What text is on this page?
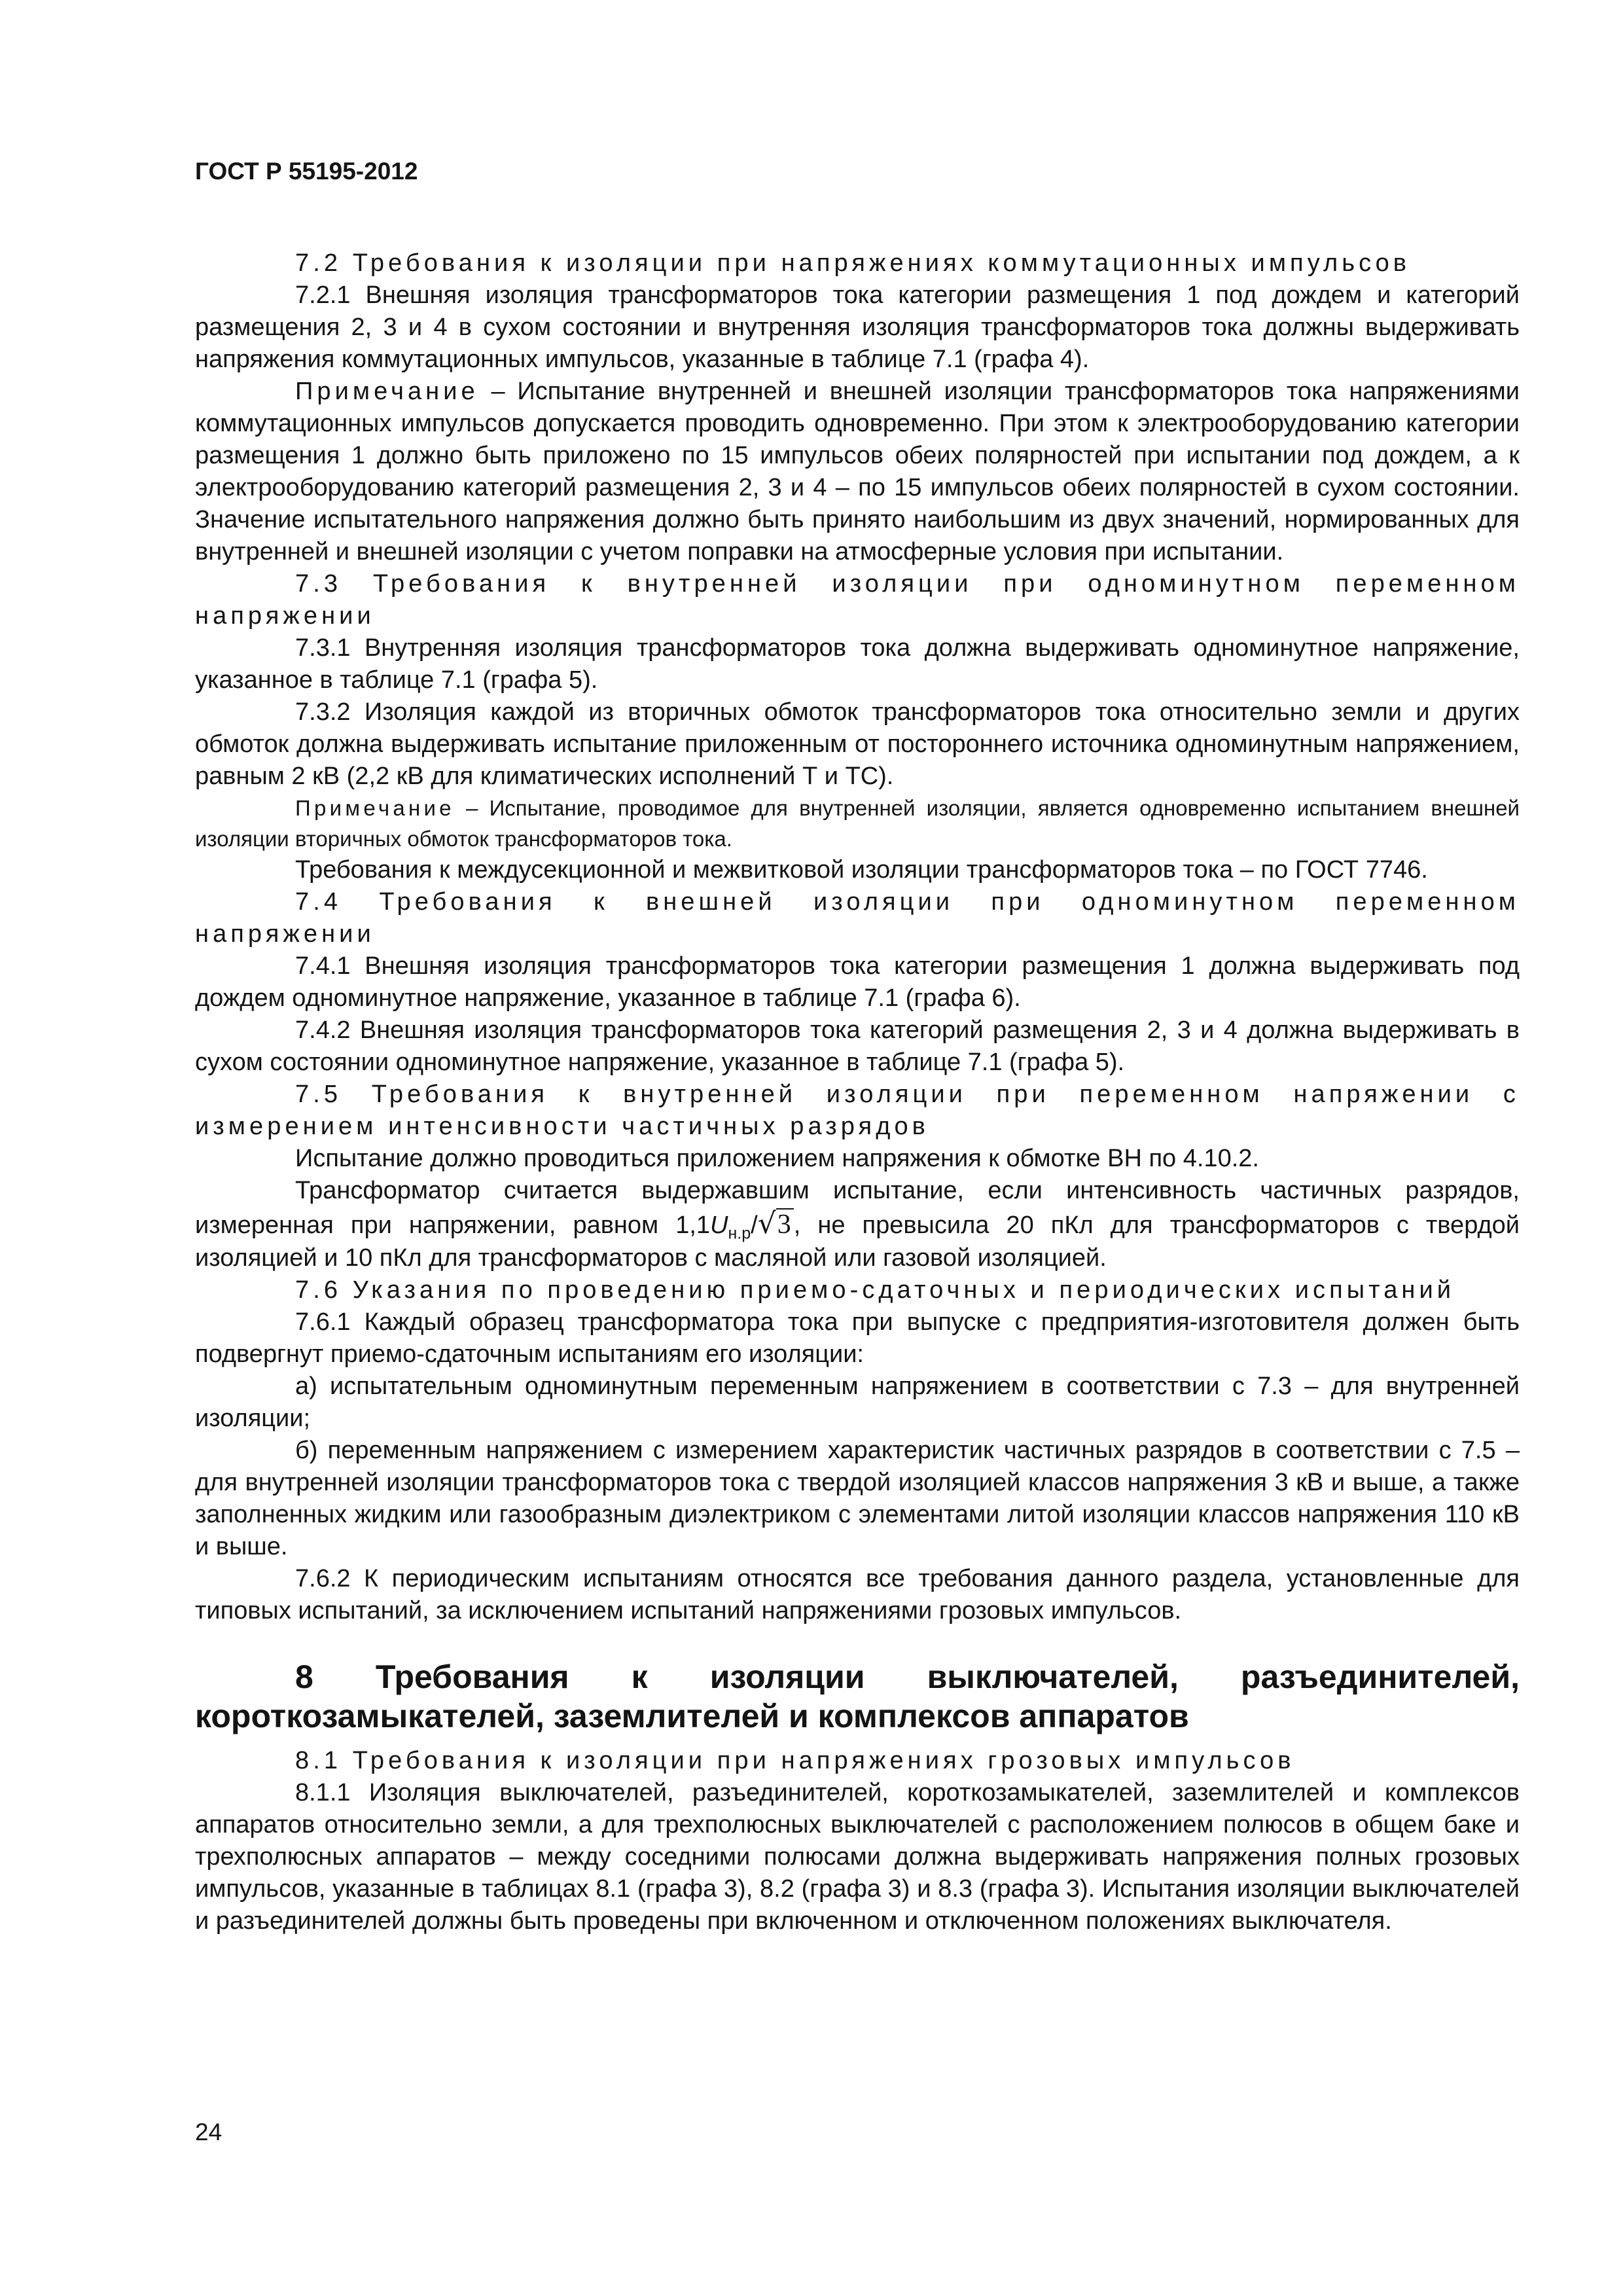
ГОСТ Р 55195-2012

7.2 Требования к изоляции при напряжениях коммутационных импульсов

7.2.1 Внешняя изоляция трансформаторов тока категории размещения 1 под дождем и категорий размещения 2, 3 и 4 в сухом состоянии и внутренняя изоляция трансформаторов тока должны выдерживать напряжения коммутационных импульсов, указанные в таблице 7.1 (графа 4).

Примечание – Испытание внутренней и внешней изоляции трансформаторов тока напряжениями коммутационных импульсов допускается проводить одновременно. При этом к электрооборудованию категории размещения 1 должно быть приложено по 15 импульсов обеих полярностей при испытании под дождем, а к электрооборудованию категорий размещения 2, 3 и 4 – по 15 импульсов обеих полярностей в сухом состоянии. Значение испытательного напряжения должно быть принято наибольшим из двух значений, нормированных для внутренней и внешней изоляции с учетом поправки на атмосферные условия при испытании.

7.3 Требования к внутренней изоляции при одноминутном переменном напряжении

7.3.1 Внутренняя изоляция трансформаторов тока должна выдерживать одноминутное напряжение, указанное в таблице 7.1 (графа 5).

7.3.2 Изоляция каждой из вторичных обмоток трансформаторов тока относительно земли и других обмоток должна выдерживать испытание приложенным от постороннего источника одноминутным напряжением, равным 2 кВ (2,2 кВ для климатических исполнений Т и ТС).

Примечание – Испытание, проводимое для внутренней изоляции, является одновременно испытанием внешней изоляции вторичных обмоток трансформаторов тока.

Требования к междусекционной и межвитковой изоляции трансформаторов тока – по ГОСТ 7746.

7.4 Требования к внешней изоляции при одноминутном переменном напряжении

7.4.1 Внешняя изоляция трансформаторов тока категории размещения 1 должна выдерживать под дождем одноминутное напряжение, указанное в таблице 7.1 (графа 6).

7.4.2 Внешняя изоляция трансформаторов тока категорий размещения 2, 3 и 4 должна выдерживать в сухом состоянии одноминутное напряжение, указанное в таблице 7.1 (графа 5).

7.5 Требования к внутренней изоляции при переменном напряжении с измерением интенсивности частичных разрядов

Испытание должно проводиться приложением напряжения к обмотке ВН по 4.10.2.

Трансформатор считается выдержавшим испытание, если интенсивность частичных разрядов, измеренная при напряжении, равном $1,1U_{н.р}/√3$ , не превысила 20 пКл для трансформаторов с твердой изоляцией и 10 пКл для трансформаторов с масляной или газовой изоляцией.

7.6 Указания по проведению приемо-сдаточных и периодических испытаний

7.6.1 Каждый образец трансформатора тока при выпуске с предприятия-изготовителя должен быть подвергнут приемо-сдаточным испытаниям его изоляции:

а) испытательным одноминутным переменным напряжением в соответствии с 7.3 – для внутренней изоляции;

б) переменным напряжением с измерением характеристик частичных разрядов в соответствии с 7.5 – для внутренней изоляции трансформаторов тока с твердой изоляцией классов напряжения 3 кВ и выше, а также заполненных жидким или газообразным диэлектриком с элементами литой изоляции классов напряжения 110 кВ и выше.

7.6.2 К периодическим испытаниям относятся все требования данного раздела, установленные для типовых испытаний, за исключением испытаний напряжениями грозовых импульсов.

8 Требования к изоляции выключателей, разъединителей, короткозамыкателей, заземлителей и комплексов аппаратов

8.1 Требования к изоляции при напряжениях грозовых импульсов

8.1.1 Изоляция выключателей, разъединителей, короткозамыкателей, заземлителей и комплексов аппаратов относительно земли, а для трехполюсных выключателей с расположением полюсов в общем баке и трехполюсных аппаратов – между соседними полюсами должна выдерживать напряжения полных грозовых импульсов, указанные в таблицах 8.1 (графа 3), 8.2 (графа 3) и 8.3 (графа 3). Испытания изоляции выключателей и разъединителей должны быть проведены при включенном и отключенном положениях выключателя.

24
